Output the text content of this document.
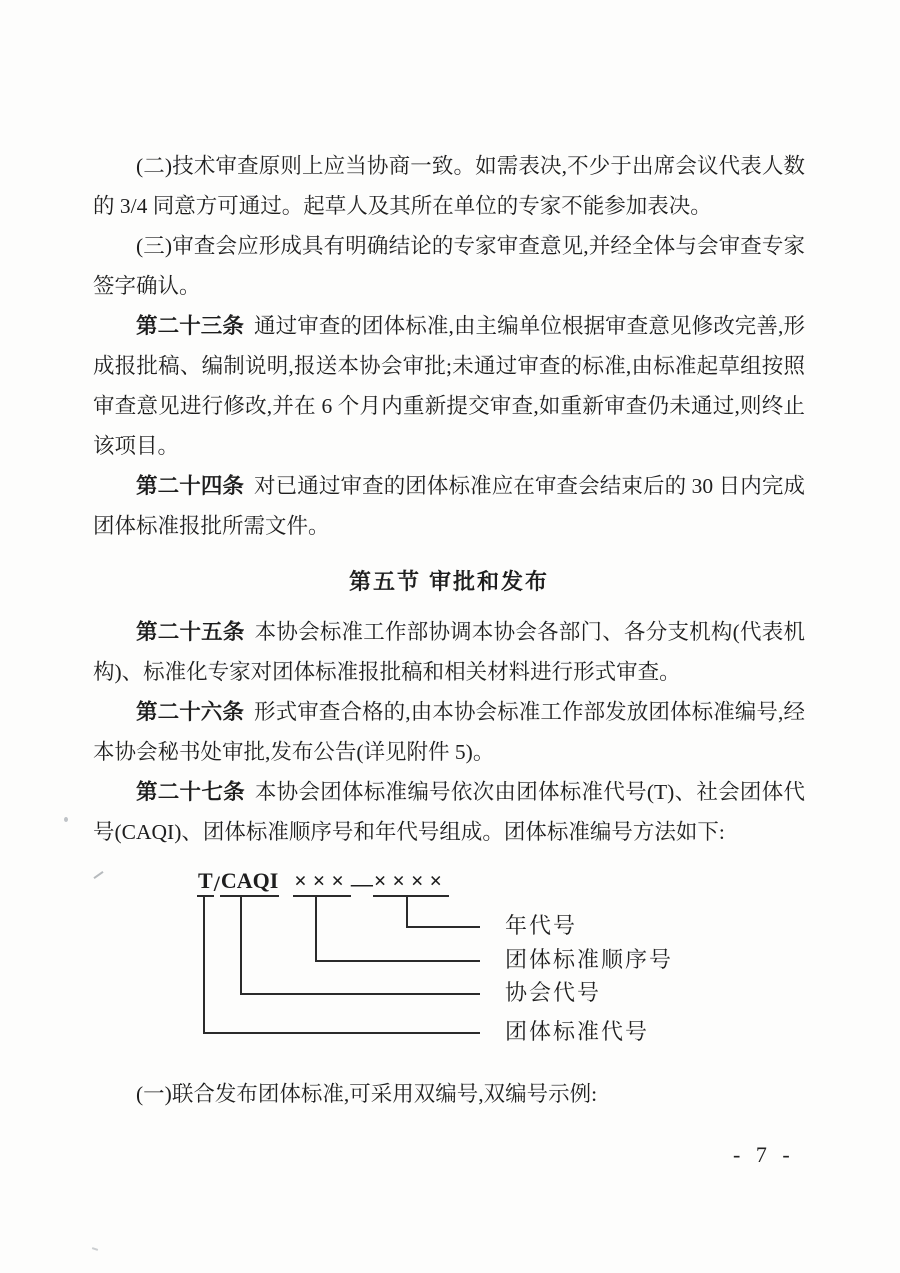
(二)技术审查原则上应当协商一致。如需表决,不少于出席会议代表人数的 3/4 同意方可通过。起草人及其所在单位的专家不能参加表决。

(三)审查会应形成具有明确结论的专家审查意见,并经全体与会审查专家签字确认。

第二十三条 通过审查的团体标准,由主编单位根据审查意见修改完善,形成报批稿、编制说明,报送本协会审批;未通过审查的标准,由标准起草组按照审查意见进行修改,并在 6 个月内重新提交审查,如重新审查仍未通过,则终止该项目。

第二十四条 对已通过审查的团体标准应在审查会结束后的 30 日内完成团体标准报批所需文件。

第五节 审批和发布

第二十五条 本协会标准工作部协调本协会各部门、各分支机构(代表机构)、标准化专家对团体标准报批稿和相关材料进行形式审查。

第二十六条 形式审查合格的,由本协会标准工作部发放团体标准编号,经本协会秘书处审批,发布公告(详见附件 5)。

第二十七条 本协会团体标准编号依次由团体标准代号(T)、社会团体代号(CAQI)、团体标准顺序号和年代号组成。团体标准编号方法如下:

T/CAQI ×××—××××
年代号
团体标准顺序号
协会代号
团体标准代号

(一)联合发布团体标准,可采用双编号,双编号示例:

- 7 -
